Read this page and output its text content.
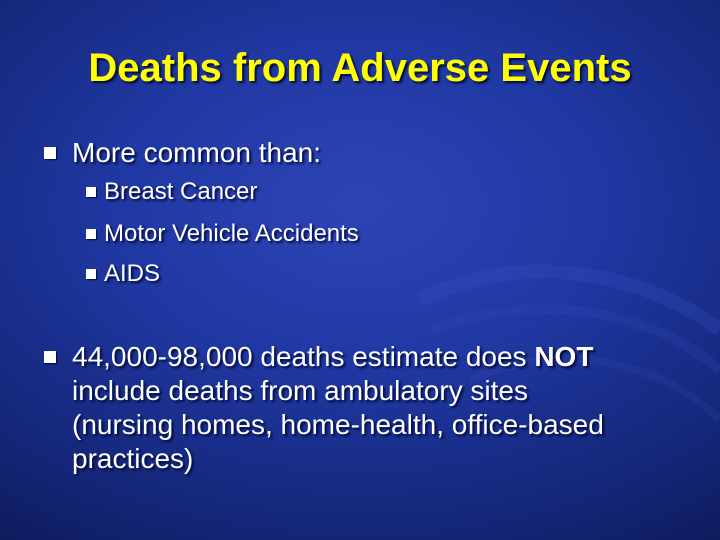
Deaths from Adverse Events
More common than:
Breast Cancer
Motor Vehicle Accidents
AIDS
44,000-98,000 deaths estimate does NOT
include deaths from ambulatory sites
(nursing homes, home-health, office-based
practices)
